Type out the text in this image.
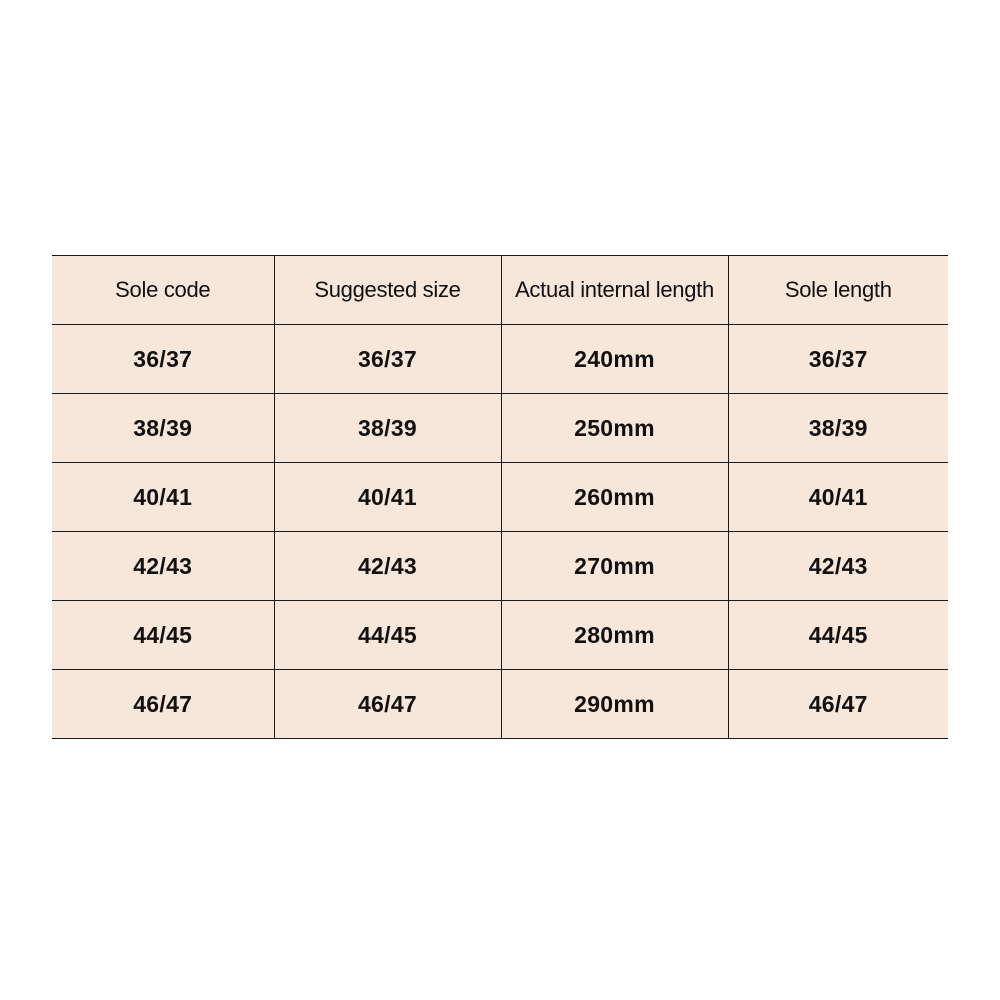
Sole code	Suggested size	Actual internal length	Sole length
36/37	36/37	240mm	36/37
38/39	38/39	250mm	38/39
40/41	40/41	260mm	40/41
42/43	42/43	270mm	42/43
44/45	44/45	280mm	44/45
46/47	46/47	290mm	46/47
